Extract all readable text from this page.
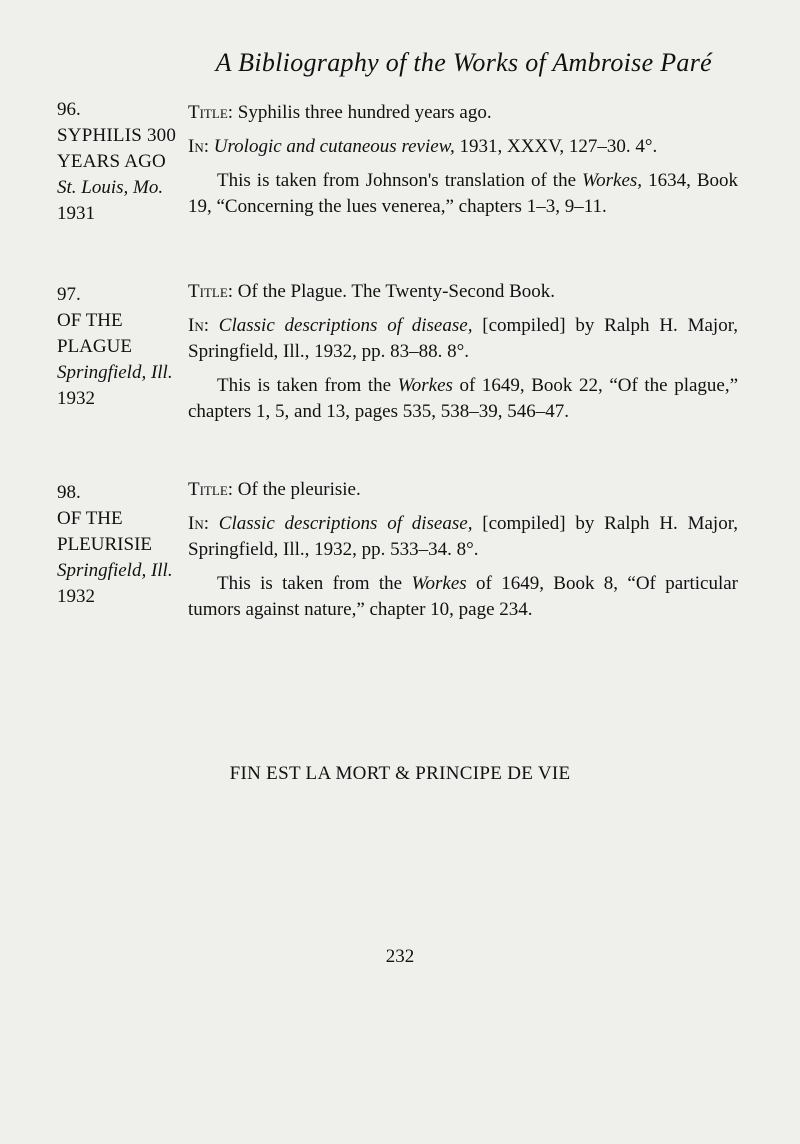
A Bibliography of the Works of Ambroise Paré
96.
SYPHILIS 300 YEARS AGO
St. Louis, Mo.
1931

Title: Syphilis three hundred years ago.

In: Urologic and cutaneous review, 1931, XXXV, 127–30. 4°.

This is taken from Johnson's translation of the Workes, 1634, Book 19, “Concerning the lues venerea,” chapters 1–3, 9–11.

97.
OF THE PLAGUE
Springfield, Ill.
1932

Title: Of the Plague. The Twenty-Second Book.

In: Classic descriptions of disease, [compiled] by Ralph H. Major, Springfield, Ill., 1932, pp. 83–88. 8°.

This is taken from the Workes of 1649, Book 22, “Of the plague,” chapters 1, 5, and 13, pages 535, 538–39, 546–47.

98.
OF THE PLEURISIE
Springfield, Ill.
1932

Title: Of the pleurisie.

In: Classic descriptions of disease, [compiled] by Ralph H. Major, Springfield, Ill., 1932, pp. 533–34. 8°.

This is taken from the Workes of 1649, Book 8, “Of particular tumors against nature,” chapter 10, page 234.

FIN EST LA MORT & PRINCIPE DE VIE
232
